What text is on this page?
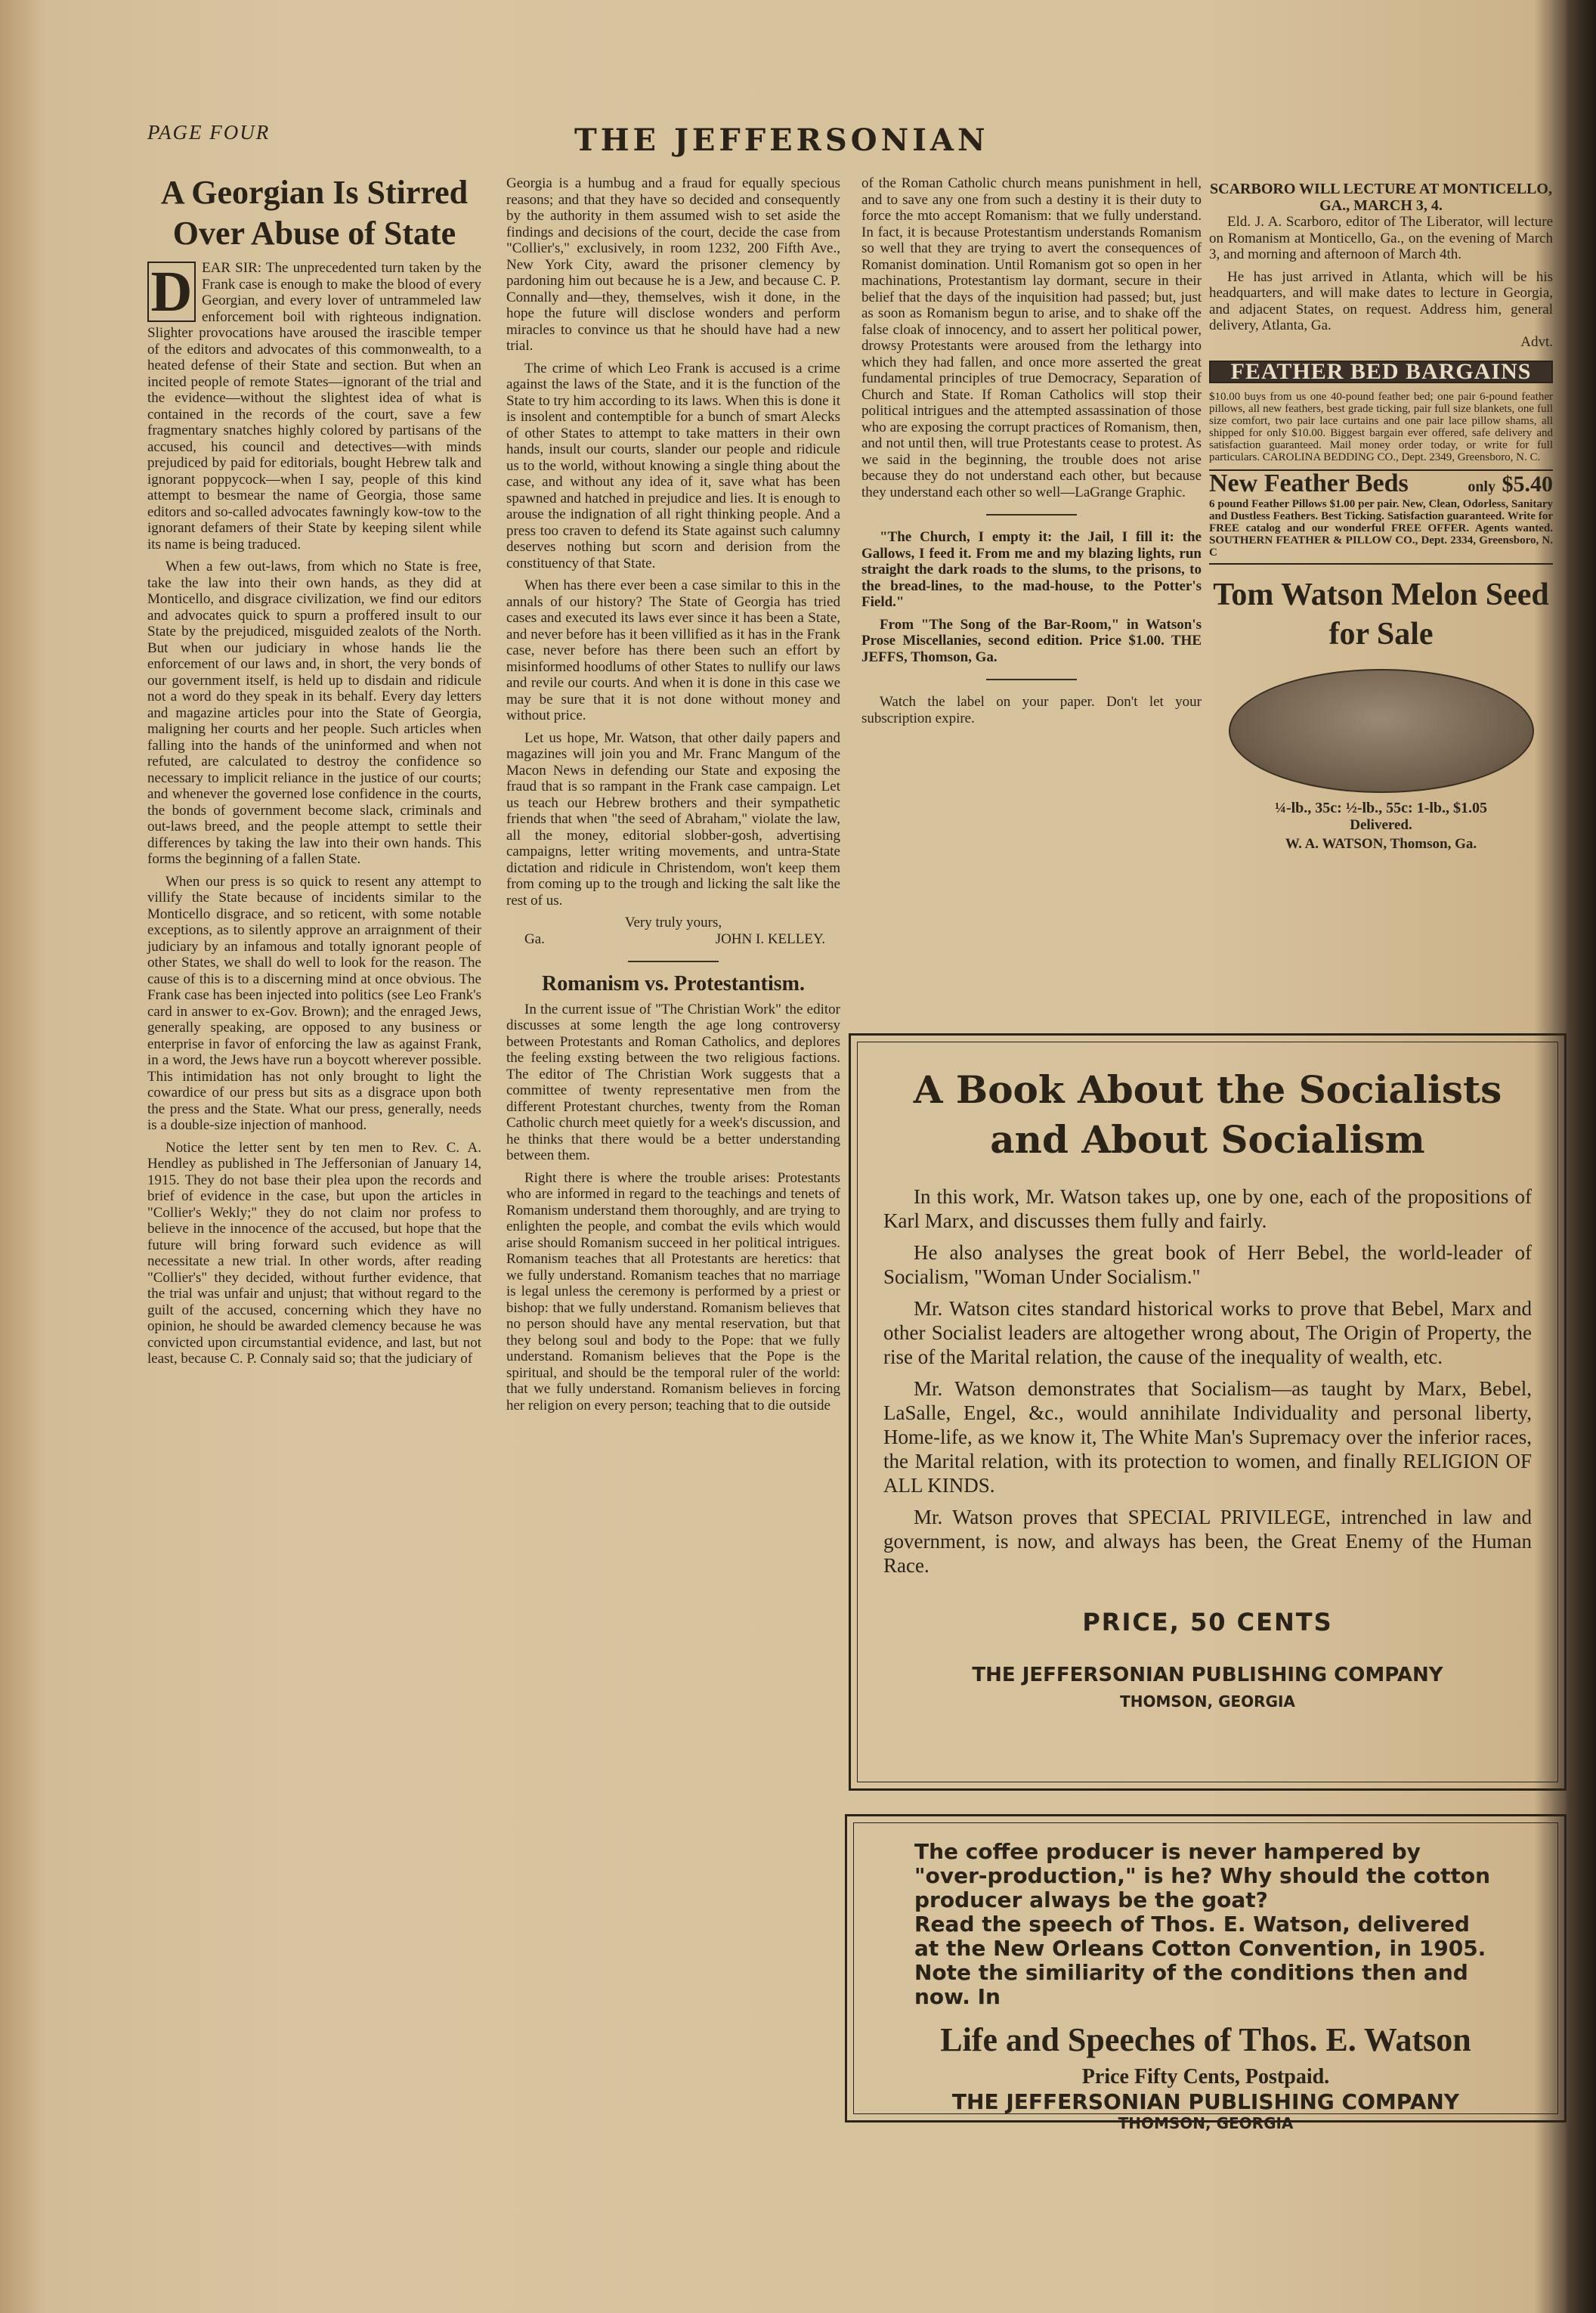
PAGE FOUR	THE JEFFERSONIAN
A Georgian Is Stirred Over Abuse of State
D EAR SIR: The unprecedented turn taken by the Frank case is enough to make the blood of every Georgian, and every lover of untrammeled law enforcement boil with righteous indignation. Slighter provocations have aroused the irascible temper of the editors and advocates of this commonwealth, to a heated defense of their State and section. But when an incited people of remote States—ignorant of the trial and the evidence—without the slightest idea of what is contained in the records of the court, save a few fragmentary snatches highly colored by partisans of the accused, his council and detectives—with minds prejudiced by paid for editorials, bought Hebrew talk and ignorant poppycock—when I say, people of this kind attempt to besmear the name of Georgia, those same editors and so-called advocates fawningly kow-tow to the ignorant defamers of their State by keeping silent while its name is being traduced.

When a few out-laws, from which no State is free, take the law into their own hands, as they did at Monticello, and disgrace civilization, we find our editors and advocates quick to spurn a proffered insult to our State by the prejudiced, misguided zealots of the North. But when our judiciary in whose hands lie the enforcement of our laws and, in short, the very bonds of our government itself, is held up to disdain and ridicule not a word do they speak in its behalf. Every day letters and magazine articles pour into the State of Georgia, maligning her courts and her people. Such articles when falling into the hands of the uninformed and when not refuted, are calculated to destroy the confidence so necessary to implicit reliance in the justice of our courts; and whenever the governed lose confidence in the courts, the bonds of government become slack, criminals and out-laws breed, and the people attempt to settle their differences by taking the law into their own hands. This forms the beginning of a fallen State.

When our press is so quick to resent any attempt to villify the State because of incidents similar to the Monticello disgrace, and so reticent, with some notable exceptions, as to silently approve an arraignment of their judiciary by an infamous and totally ignorant people of other States, we shall do well to look for the reason. The cause of this is to a discerning mind at once obvious. The Frank case has been injected into politics (see Leo Frank's card in answer to ex-Gov. Brown); and the enraged Jews, generally speaking, are opposed to any business or enterprise in favor of enforcing the law as against Frank, in a word, the Jews have run a boycott wherever possible. This intimidation has not only brought to light the cowardice of our press but sits as a disgrace upon both the press and the State. What our press, generally, needs is a double-size injection of manhood.

Notice the letter sent by ten men to Rev. C. A. Hendley as published in The Jeffersonian of January 14, 1915. They do not base their plea upon the records and brief of evidence in the case, but upon the articles in "Collier's Wekly;" they do not claim nor profess to believe in the innocence of the accused, but hope that the future will bring forward such evidence as will necessitate a new trial. In other words, after reading "Collier's" they decided, without further evidence, that the trial was unfair and unjust; that without regard to the guilt of the accused, concerning which they have no opinion, he should be awarded clemency because he was convicted upon circumstantial evidence, and last, but not least, because C. P. Connaly said so; that the judiciary of

Georgia is a humbug and a fraud for equally specious reasons; and that they have so decided and consequently by the authority in them assumed wish to set aside the findings and decisions of the court, decide the case from "Collier's," exclusively, in room 1232, 200 Fifth Ave., New York City, award the prisoner clemency by pardoning him out because he is a Jew, and because C. P. Connally and—they, themselves, wish it done, in the hope the future will disclose wonders and perform miracles to convince us that he should have had a new trial.

The crime of which Leo Frank is accused is a crime against the laws of the State, and it is the function of the State to try him according to its laws. When this is done it is insolent and contemptible for a bunch of smart Alecks of other States to attempt to take matters in their own hands, insult our courts, slander our people and ridicule us to the world, without knowing a single thing about the case, and without any idea of it, save what has been spawned and hatched in prejudice and lies. It is enough to arouse the indignation of all right thinking people. And a press too craven to defend its State against such calumny deserves nothing but scorn and derision from the constituency of that State.

When has there ever been a case similar to this in the annals of our history? The State of Georgia has tried cases and executed its laws ever since it has been a State, and never before has it been villified as it has in the Frank case, never before has there been such an effort by misinformed hoodlums of other States to nullify our laws and revile our courts. And when it is done in this case we may be sure that it is not done without money and without price.

Let us hope, Mr. Watson, that other daily papers and magazines will join you and Mr. Franc Mangum of the Macon News in defending our State and exposing the fraud that is so rampant in the Frank case campaign. Let us teach our Hebrew brothers and their sympathetic friends that when "the seed of Abraham," violate the law, all the money, editorial slobber-gosh, advertising campaigns, letter writing movements, and untra-State dictation and ridicule in Christendom, won't keep them from coming up to the trough and licking the salt like the rest of us.

Very truly yours,
Ga.	JOHN I. KELLEY.
Romanism vs. Protestantism.

In the current issue of "The Christian Work" the editor discusses at some length the age long controversy between Protestants and Roman Catholics, and deplores the feeling exsting between the two religious factions. The editor of The Christian Work suggests that a committee of twenty representative men from the different Protestant churches, twenty from the Roman Catholic church meet quietly for a week's discussion, and he thinks that there would be a better understanding between them.

Right there is where the trouble arises: Protestants who are informed in regard to the teachings and tenets of Romanism understand them thoroughly, and are trying to enlighten the people, and combat the evils which would arise should Romanism succeed in her political intrigues. Romanism teaches that all Protestants are heretics: that we fully understand. Romanism teaches that no marriage is legal unless the ceremony is performed by a priest or bishop: that we fully understand. Romanism believes that no person should have any mental reservation, but that they belong soul and body to the Pope: that we fully understand. Romanism believes that the Pope is the spiritual, and should be the temporal ruler of the world: that we fully understand. Romanism believes in forcing her religion on every person; teaching that to die outside

of the Roman Catholic church means punishment in hell, and to save any one from such a destiny it is their duty to force the mto accept Romanism: that we fully understand. In fact, it is because Protestantism understands Romanism so well that they are trying to avert the consequences of Romanist domination. Until Romanism got so open in her machinations, Protestantism lay dormant, secure in their belief that the days of the inquisition had passed; but, just as soon as Romanism begun to arise, and to shake off the false cloak of innocency, and to assert her political power, drowsy Protestants were aroused from the lethargy into which they had fallen, and once more asserted the great fundamental principles of true Democracy, Separation of Church and State. If Roman Catholics will stop their political intrigues and the attempted assassination of those who are exposing the corrupt practices of Romanism, then, and not until then, will true Protestants cease to protest. As we said in the beginning, the trouble does not arise because they do not understand each other, but because they understand each other so well—LaGrange Graphic.

"The Church, I empty it: the Jail, I fill it: the Gallows, I feed it. From me and my blazing lights, run straight the dark roads to the slums, to the prisons, to the bread-lines, to the mad-house, to the Potter's Field."

From "The Song of the Bar-Room," in Watson's Prose Miscellanies, second edition. Price $1.00. THE JEFFS, Thomson, Ga.

Watch the label on your paper. Don't let your subscription expire.

SCARBORO WILL LECTURE AT MONTICELLO, GA., MARCH 3, 4.

Eld. J. A. Scarboro, editor of The Liberator, will lecture on Romanism at Monticello, Ga., on the evening of March 3, and morning and afternoon of March 4th.

He has just arrived in Atlanta, which will be his headquarters, and will make dates to lecture in Georgia, and adjacent States, on request. Address him, general delivery, Atlanta, Ga.

Advt.
FEATHER BED BARGAINS
$10.00 buys from us one 40-pound feather bed; one pair 6-pound feather pillows, all new feathers, best grade ticking, pair full size blankets, one full size comfort, two pair lace curtains and one pair lace pillow shams, all shipped for only $10.00. Biggest bargain ever offered, safe delivery and satisfaction guaranteed. Mail money order today, or write for full particulars. CAROLINA BEDDING CO., Dept. 2349, Greensboro, N. C.
New Feather Beds	only $5.40
6 pound Feather Pillows $1.00 per pair. New, Clean, Odorless, Sanitary and Dustless Feathers. Best Ticking. Satisfaction guaranteed. Write for FREE catalog and our wonderful FREE OFFER. Agents wanted. SOUTHERN FEATHER & PILLOW CO., Dept. 2334, Greensboro, N. C
Tom Watson Melon Seed for Sale
¼-lb., 35c: ½-lb., 55c: 1-lb., $1.05
Delivered.
W. A. WATSON, Thomson, Ga.
A Book About the Socialists and About Socialism

In this work, Mr. Watson takes up, one by one, each of the propositions of Karl Marx, and discusses them fully and fairly.

He also analyses the great book of Herr Bebel, the world-leader of Socialism, "Woman Under Socialism."

Mr. Watson cites standard historical works to prove that Bebel, Marx and other Socialist leaders are altogether wrong about, The Origin of Property, the rise of the Marital relation, the cause of the inequality of wealth, etc.

Mr. Watson demonstrates that Socialism—as taught by Marx, Bebel, LaSalle, Engel, &c., would annihilate Individuality and personal liberty, Home-life, as we know it, The White Man's Supremacy over the inferior races, the Marital relation, with its protection to women, and finally RELIGION OF ALL KINDS.

Mr. Watson proves that SPECIAL PRIVILEGE, intrenched in law and government, is now, and always has been, the Great Enemy of the Human Race.

PRICE, 50 CENTS
THE JEFFERSONIAN PUBLISHING COMPANY
THOMSON, GEORGIA

The coffee producer is never hampered by "over-production," is he? Why should the cotton producer always be the goat?

Read the speech of Thos. E. Watson, delivered at the New Orleans Cotton Convention, in 1905. Note the similiarity of the conditions then and now. In

Life and Speeches of Thos. E. Watson
Price Fifty Cents, Postpaid.
THE JEFFERSONIAN PUBLISHING COMPANY
THOMSON, GEORGIA
